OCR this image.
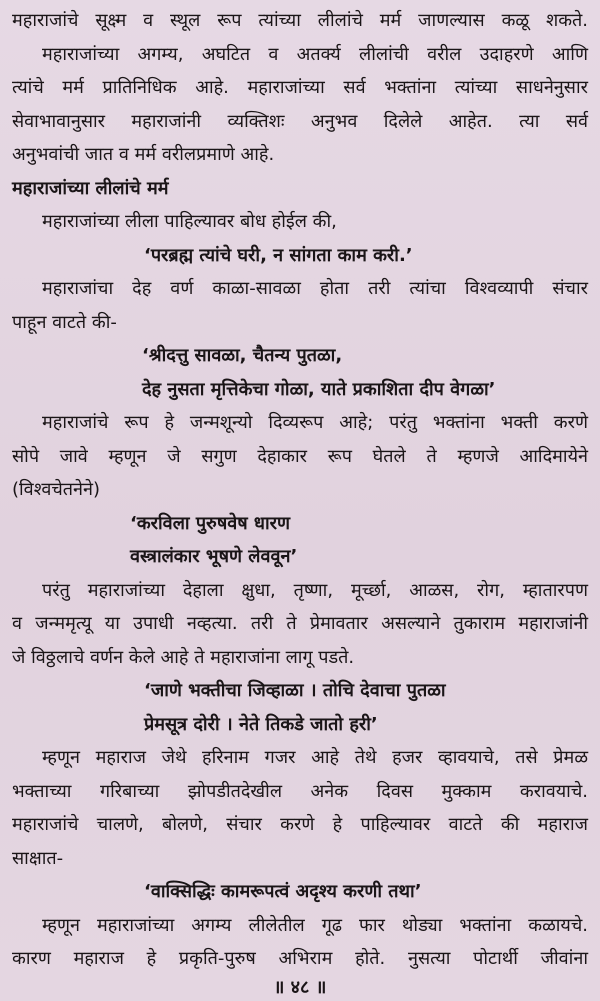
महाराजांचे सूक्ष्म व स्थूल रूप त्यांच्या लीलांचे मर्म जाणल्यास कळू शकते.
महाराजांच्या अगम्य, अघटित व अतर्क्य लीलांची वरील उदाहरणे आणि
त्यांचे मर्म प्रातिनिधिक आहे. महाराजांच्या सर्व भक्तांना त्यांच्या साधनेनुसार
सेवाभावानुसार महाराजांनी व्यक्तिशः अनुभव दिलेले आहेत. त्या सर्व
अनुभवांची जात व मर्म वरीलप्रमाणे आहे.
महाराजांच्या लीलांचे मर्म
महाराजांच्या लीला पाहिल्यावर बोध होईल की,
‘परब्रह्म त्यांचे घरी, न सांगता काम करी.’
महाराजांचा देह वर्ण काळा-सावळा होता तरी त्यांचा विश्वव्यापी संचार
पाहून वाटते की-
‘श्रीदत्तु सावळा, चैतन्य पुतळा,
देह नुसता मृत्तिकेचा गोळा, याते प्रकाशिता दीप वेगळा’
महाराजांचे रूप हे जन्मशून्यो दिव्यरूप आहे; परंतु भक्तांना भक्ती करणे
सोपे जावे म्हणून जे सगुण देहाकार रूप घेतले ते म्हणजे आदिमायेने
(विश्वचेतनेने)
‘करविला पुरुषवेष धारण
वस्त्रालंकार भूषणे लेववून’
परंतु महाराजांच्या देहाला क्षुधा, तृष्णा, मूर्च्छा, आळस, रोग, म्हातारपण
व जन्ममृत्यू या उपाधी नव्हत्या. तरी ते प्रेमावतार असल्याने तुकाराम महाराजांनी
जे विठ्ठलाचे वर्णन केले आहे ते महाराजांना लागू पडते.
‘जाणे भक्तीचा जिव्हाळा । तोचि देवाचा पुतळा
प्रेमसूत्र दोरी । नेते तिकडे जातो हरी’
म्हणून महाराज जेथे हरिनाम गजर आहे तेथे हजर व्हावयाचे, तसे प्रेमळ
भक्ताच्या गरिबाच्या झोपडीतदेखील अनेक दिवस मुक्काम करावयाचे.
महाराजांचे चालणे, बोलणे, संचार करणे हे पाहिल्यावर वाटते की महाराज
साक्षात-
‘वाक्सिद्धिः कामरूपत्वं अदृश्य करणी तथा’
म्हणून महाराजांच्या अगम्य लीलेतील गूढ फार थोड्या भक्तांना कळायचे.
कारण महाराज हे प्रकृति-पुरुष अभिराम होते. नुसत्या पोटार्थी जीवांना
॥ ४८ ॥
